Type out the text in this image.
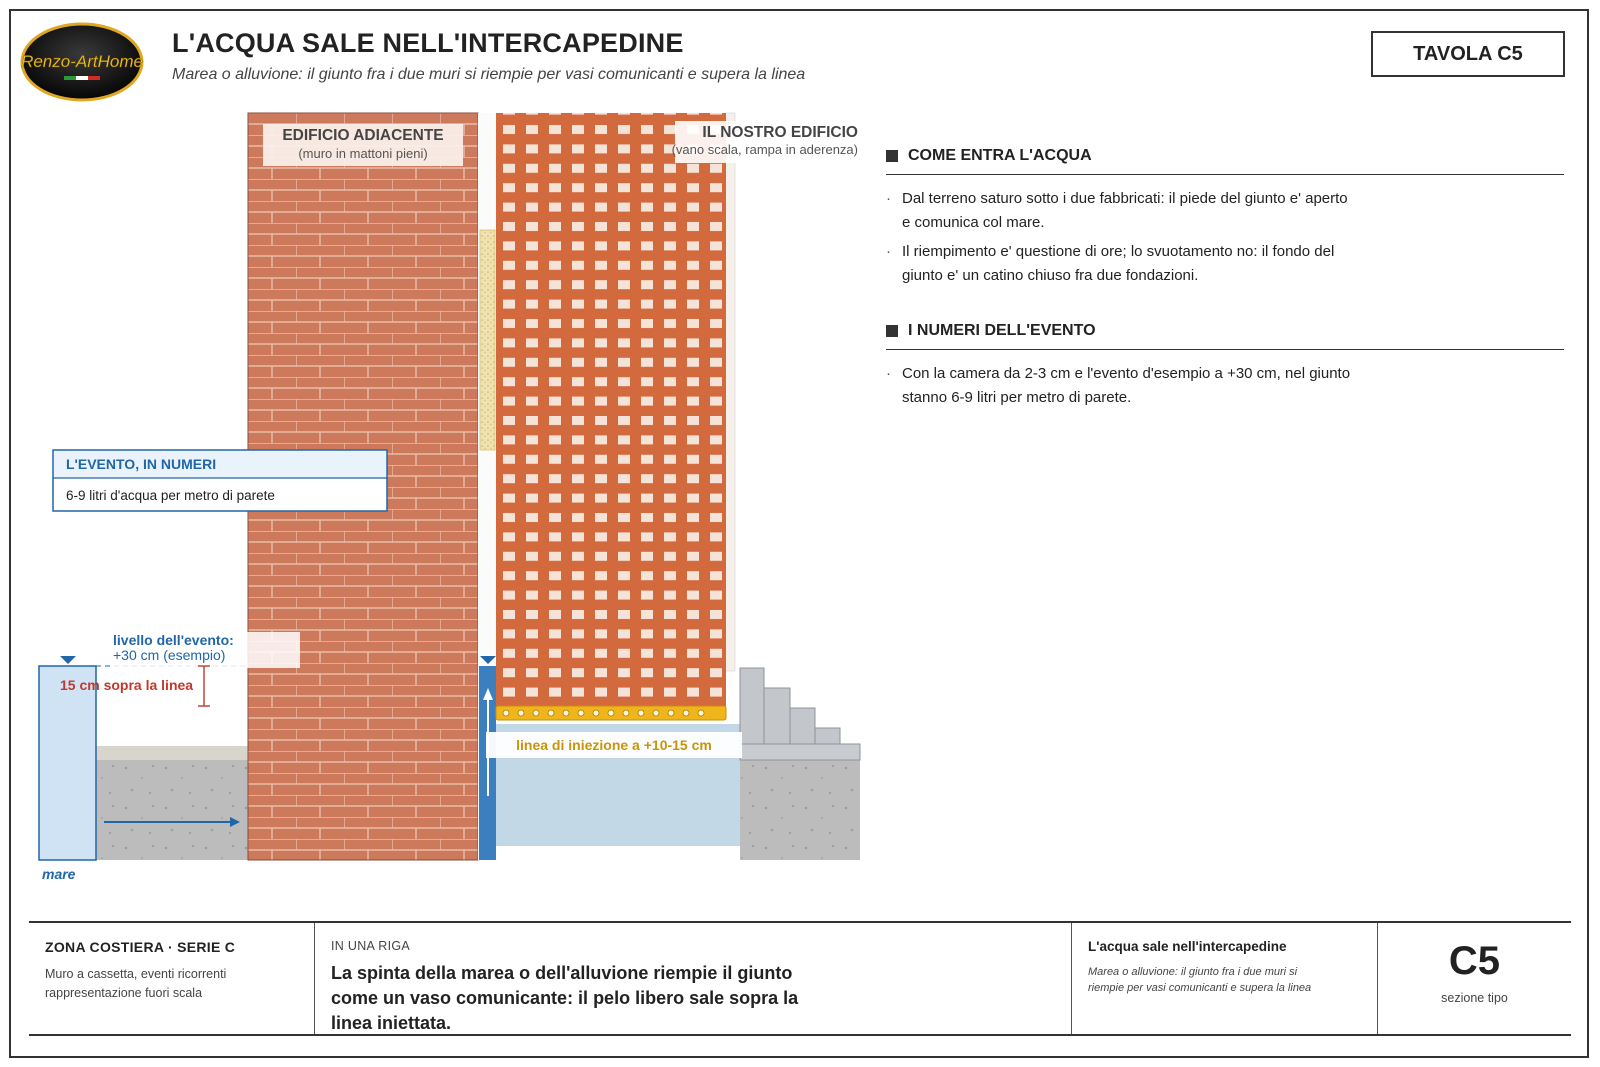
Renzo-ArtHome
L'ACQUA SALE NELL'INTERCAPEDINE

Marea o alluvione: il giunto fra i due muri si riempie per vasi comunicanti e supera la linea

TAVOLA C5
EDIFICIO ADIACENTE
(muro in mattoni pieni)
IL NOSTRO EDIFICIO
(vano scala, rampa in aderenza)
linea di iniezione a +10-15 cm
livello dell'evento:
+30 cm (esempio)
15 cm sopra la linea
mare
L'EVENTO, IN NUMERI
6-9 litri d'acqua per metro di parete
COME ENTRA L'ACQUA
· Dal terreno saturo sotto i due fabbricati: il piede del giunto e' aperto e comunica col mare.
· Il riempimento e' questione di ore; lo svuotamento no: il fondo del giunto e' un catino chiuso fra due fondazioni.
I NUMERI DELL'EVENTO
· Con la camera da 2-3 cm e l'evento d'esempio a +30 cm, nel giunto stanno 6-9 litri per metro di parete.
ZONA COSTIERA · SERIE C
Muro a cassetta, eventi ricorrenti
rappresentazione fuori scala
IN UNA RIGA
La spinta della marea o dell'alluvione riempie il giunto come un vaso comunicante: il pelo libero sale sopra la linea iniettata.
L'acqua sale nell'intercapedine
Marea o alluvione: il giunto fra i due muri si riempie per vasi comunicanti e supera la linea
C5
sezione tipo
